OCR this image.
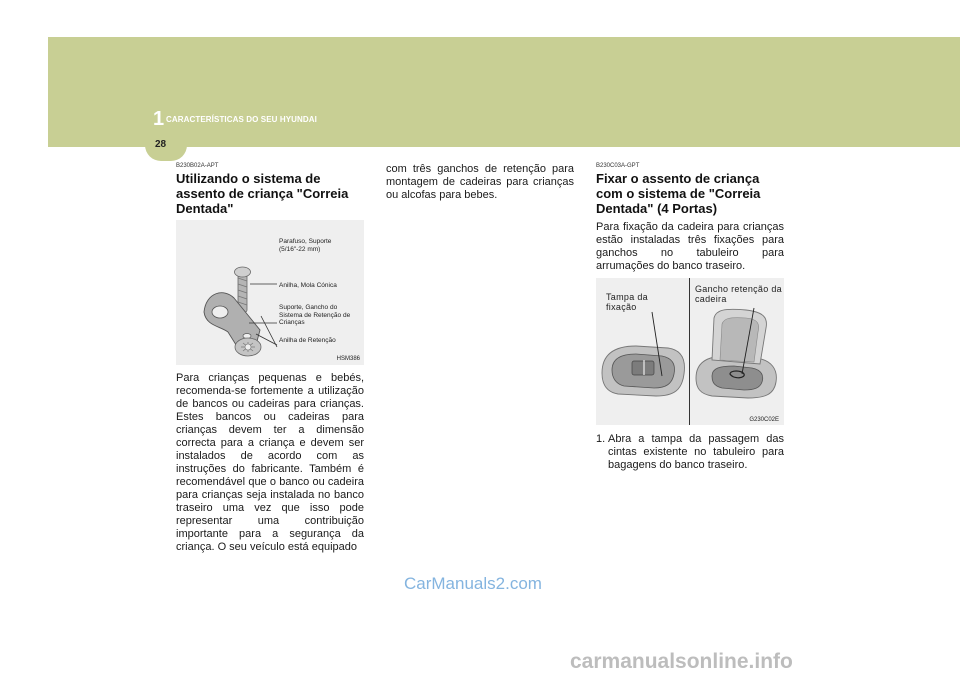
1 CARACTERÍSTICAS DO SEU HYUNDAI
28
B230B02A-APT
Utilizando o sistema de assento de criança "Correia Dentada"
Parafuso, Suporte (5/16"-22 mm)
Anilha, Mola Cónica
Suporte, Gancho do Sistema de Retenção de Crianças
Anilha de Retenção
HSM386
Para crianças pequenas e bebés, recomenda-se fortemente a utilização de bancos ou cadeiras para crianças. Estes bancos ou cadeiras para crianças devem ter a dimensão correcta para a criança e devem ser instalados de acordo com as instruções do fabricante. Também é recomendável que o banco ou cadeira para crianças seja instalada no banco traseiro uma vez que isso pode representar uma contribuição importante para a segurança da criança. O seu veículo está equipado
com três ganchos de retenção para montagem de cadeiras para crianças ou alcofas para bebes.
B230C03A-GPT
Fixar o assento de criança com o sistema de "Correia Dentada" (4 Portas)
Para fixação da cadeira para crianças estão instaladas três fixações para ganchos no tabuleiro para arrumações do banco traseiro.
Tampa da fixação
Gancho retenção da cadeira
G230C02E
1. Abra a tampa da passagem das cintas existente no tabuleiro para bagagens do banco traseiro.
CarManuals2.com
carmanualsonline.info
